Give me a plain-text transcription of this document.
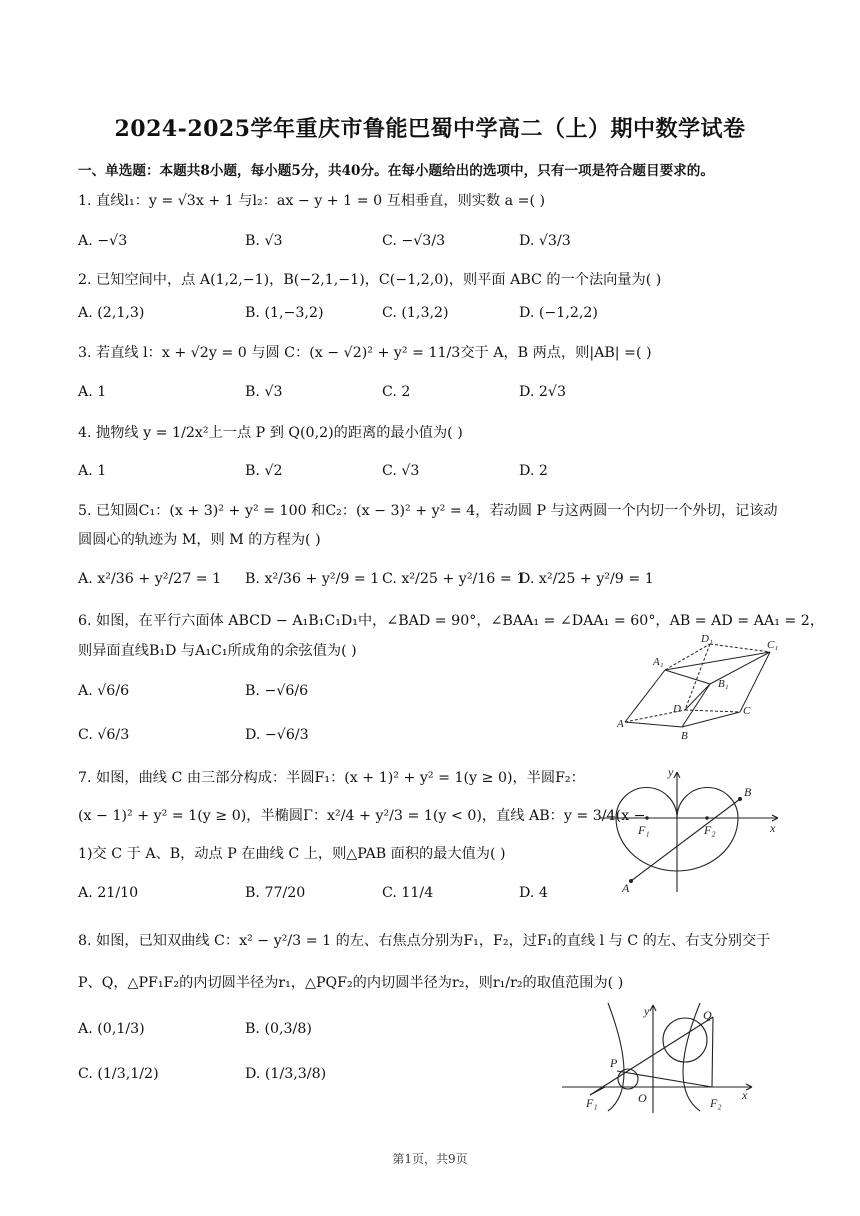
2024-2025学年重庆市鲁能巴蜀中学高二（上）期中数学试卷
一、单选题：本题共8小题，每小题5分，共40分。在每小题给出的选项中，只有一项是符合题目要求的。
1. 直线l₁：y = √3x + 1 与l₂：ax − y + 1 = 0 互相垂直，则实数 a =( )
A. −√3	B. √3	C. −√3/3	D. √3/3
2. 已知空间中，点 A(1,2,−1)，B(−2,1,−1)，C(−1,2,0)，则平面 ABC 的一个法向量为( )
A. (2,1,3)	B. (1,−3,2)	C. (1,3,2)	D. (−1,2,2)
3. 若直线 l：x + √2y = 0 与圆 C：(x − √2)² + y² = 11/3交于 A，B 两点，则|AB| =( )
A. 1	B. √3	C. 2	D. 2√3
4. 抛物线 y = 1/2x²上一点 P 到 Q(0,2)的距离的最小值为( )
A. 1	B. √2	C. √3	D. 2
5. 已知圆C₁：(x + 3)² + y² = 100 和C₂：(x − 3)² + y² = 4，若动圆 P 与这两圆一个内切一个外切，记该动
圆圆心的轨迹为 M，则 M 的方程为( )
A. x²/36 + y²/27 = 1 B. x²/36 + y²/9 = 1 C. x²/25 + y²/16 = 1
D. x²/25 + y²/9 = 1
6. 如图，在平行六面体 ABCD − A₁B₁C₁D₁中，∠BAD = 90°，∠BAA₁ = ∠DAA₁ = 60°，AB = AD = AA₁ = 2，
则异面直线B₁D 与A₁C₁所成角的余弦值为( )
A. √6/6	B. −√6/6
C. √6/3	D. −√6/3
A₁
D₁	C₁
B₁
D	C
A
B
7. 如图，曲线 C 由三部分构成：半圆F₁：(x + 1)² + y² = 1(y ≥ 0)，半圆F₂：
(x − 1)² + y² = 1(y ≥ 0)，半椭圆Γ：x²/4 + y²/3 = 1(y < 0)，直线 AB：y = 3/4(x −
1)交 C 于 A、B，动点 P 在曲线 C 上，则△PAB 面积的最大值为( )
A. 21/10	B. 77/20	C. 11/4	D. 4
y
B
F₁	F₂	x
A
8. 如图，已知双曲线 C：x² − y²/3 = 1 的左、右焦点分别为F₁，F₂，过F₁的直线 l 与 C 的左、右支分别交于
P、Q，△PF₁F₂的内切圆半径为r₁，△PQF₂的内切圆半径为r₂，则r₁/r₂的取值范围为( )
A. (0,1/3)	B. (0,3/8)
C. (1/3,1/2)	D. (1/3,3/8)
y	Q
P
F₁	O	F₂
x
第1页，共9页
